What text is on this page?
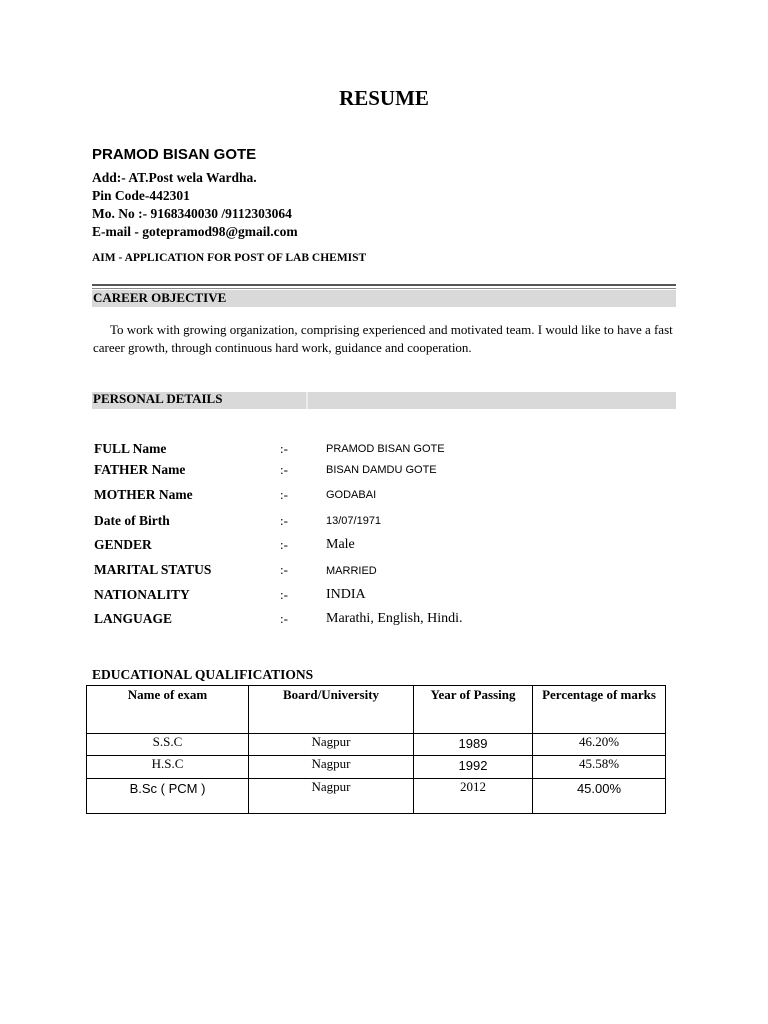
RESUME
PRAMOD BISAN GOTE
Add:- AT.Post wela Wardha.
Pin Code-442301
Mo. No :- 9168340030 /9112303064
E-mail - gotepramod98@gmail.com
AIM - APPLICATION FOR POST OF LAB CHEMIST
CAREER OBJECTIVE
To work with growing organization, comprising experienced and motivated team. I would like to have a fast career growth, through continuous hard work, guidance and cooperation.
PERSONAL DETAILS
FULL Name	:-	PRAMOD BISAN GOTE
FATHER Name	:-	BISAN DAMDU GOTE
MOTHER Name	:-	GODABAI
Date of Birth	:-	13/07/1971
GENDER	:-	Male
MARITAL STATUS	:-	MARRIED
NATIONALITY	:-	INDIA
LANGUAGE	:-	Marathi, English, Hindi.
EDUCATIONAL QUALIFICATIONS
Name of exam	Board/University	Year of Passing	Percentage of marks
S.S.C	Nagpur	1989	46.20%
H.S.C	Nagpur	1992	45.58%
B.Sc ( PCM )	Nagpur	2012	45.00%
